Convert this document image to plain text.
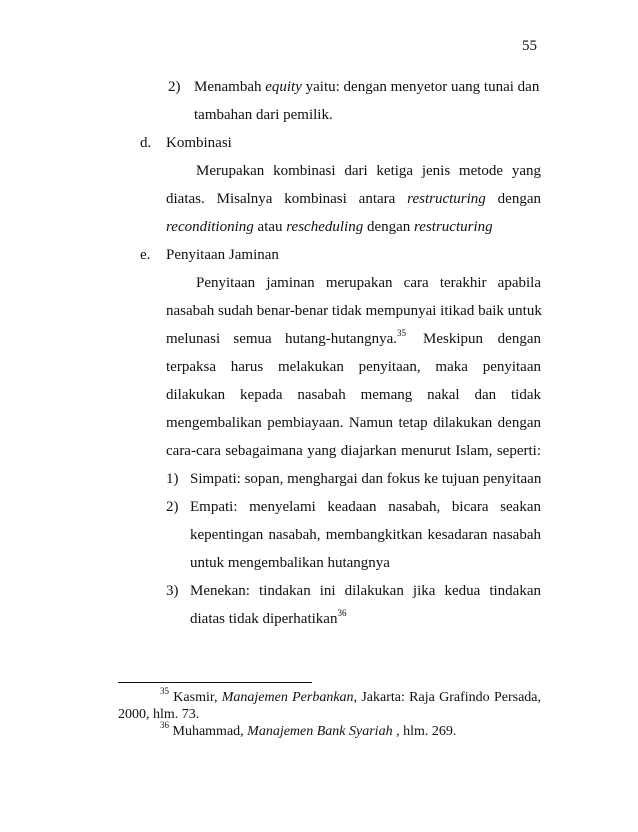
55
2) Menambah equity yaitu: dengan menyetor uang tunai dan
tambahan dari pemilik.
d. Kombinasi
Merupakan kombinasi dari ketiga jenis metode yang
diatas. Misalnya kombinasi antara restructuring dengan
reconditioning atau rescheduling dengan restructuring
e. Penyitaan Jaminan
Penyitaan jaminan merupakan cara terakhir apabila
nasabah sudah benar-benar tidak mempunyai itikad baik untuk
melunasi semua hutang-hutangnya.$^{35}$ Meskipun dengan
terpaksa harus melakukan penyitaan, maka penyitaan
dilakukan kepada nasabah memang nakal dan tidak
mengembalikan pembiayaan. Namun tetap dilakukan dengan
cara-cara sebagaimana yang diajarkan menurut Islam, seperti:
1) Simpati: sopan, menghargai dan fokus ke tujuan penyitaan
2) Empati: menyelami keadaan nasabah, bicara seakan
kepentingan nasabah, membangkitkan kesadaran nasabah
untuk mengembalikan hutangnya
3) Menekan: tindakan ini dilakukan jika kedua tindakan
diatas tidak diperhatikan$^{36}$
$^{35}$ Kasmir, Manajemen Perbankan, Jakarta: Raja Grafindo Persada,
2000, hlm. 73.
$^{36}$ Muhammad, Manajemen Bank Syariah , hlm. 269.
